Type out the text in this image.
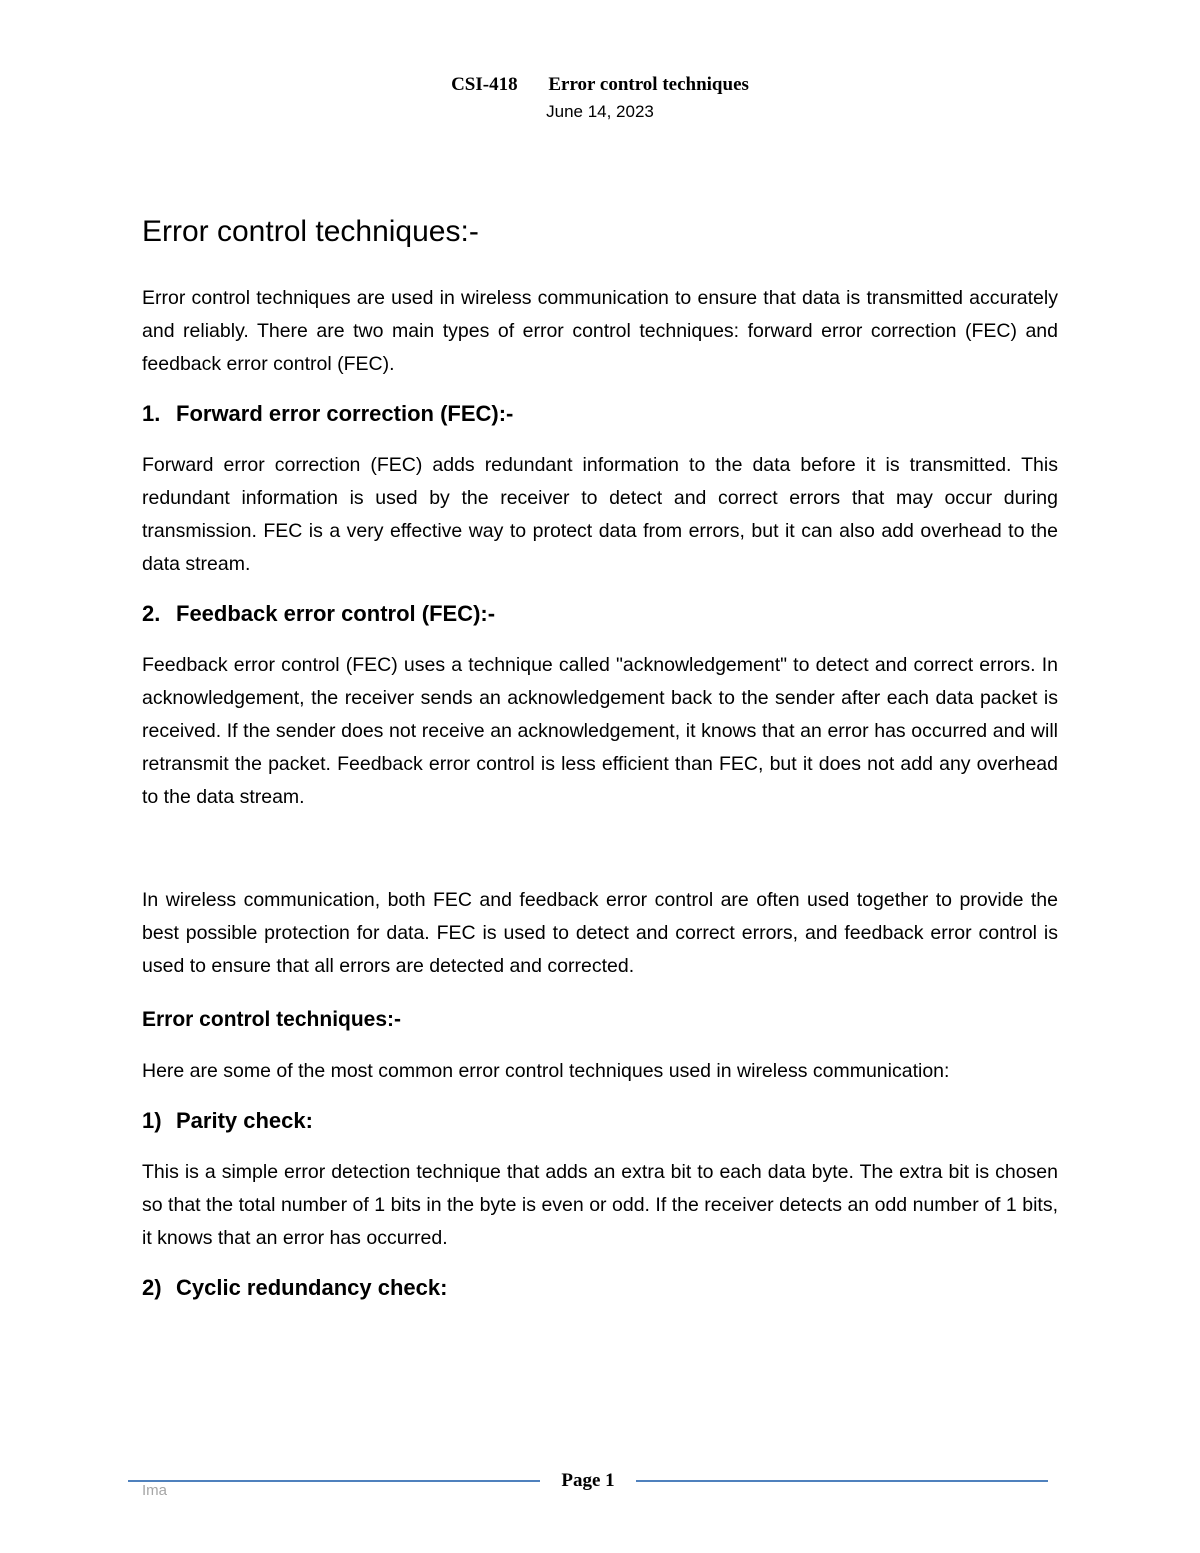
CSI-418 Error control techniques
June 14, 2023
Error control techniques:-

Error control techniques are used in wireless communication to ensure that data is transmitted accurately and reliably. There are two main types of error control techniques: forward error correction (FEC) and feedback error control (FEC).

1. Forward error correction (FEC):-

Forward error correction (FEC) adds redundant information to the data before it is transmitted. This redundant information is used by the receiver to detect and correct errors that may occur during transmission. FEC is a very effective way to protect data from errors, but it can also add overhead to the data stream.

2. Feedback error control (FEC):-

Feedback error control (FEC) uses a technique called "acknowledgement" to detect and correct errors. In acknowledgement, the receiver sends an acknowledgement back to the sender after each data packet is received. If the sender does not receive an acknowledgement, it knows that an error has occurred and will retransmit the packet. Feedback error control is less efficient than FEC, but it does not add any overhead to the data stream.

In wireless communication, both FEC and feedback error control are often used together to provide the best possible protection for data. FEC is used to detect and correct errors, and feedback error control is used to ensure that all errors are detected and corrected.

Error control techniques:-

Here are some of the most common error control techniques used in wireless communication:

1) Parity check:

This is a simple error detection technique that adds an extra bit to each data byte. The extra bit is chosen so that the total number of 1 bits in the byte is even or odd. If the receiver detects an odd number of 1 bits, it knows that an error has occurred.

2) Cyclic redundancy check:
Page 1
Ima
